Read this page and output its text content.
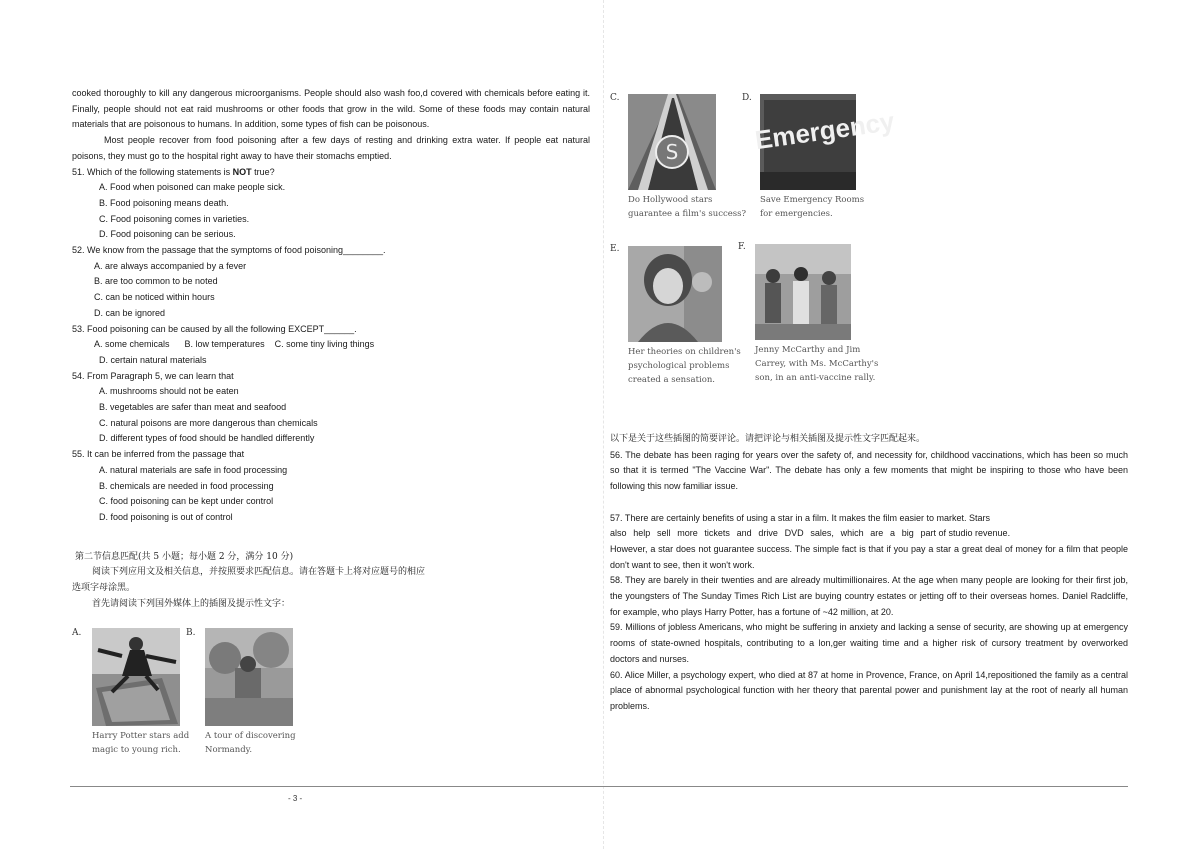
cooked thoroughly to kill any dangerous microorganisms. People should also wash foo,d covered with chemicals before eating it. Finally, people should not eat raid mushrooms or other foods that grow in the wild. Some of these foods may contain natural materials that are poisonous to humans. In addition, some types of fish can be poisonous.

Most people recover from food poisoning after a few days of resting and drinking extra water. If people eat natural poisons, they must go to the hospital right away to have their stomachs emptied.

51. Which of the following statements is NOT true?

A. Food when poisoned can make people sick.

B. Food poisoning means death.

C. Food poisoning comes in varieties.

D. Food poisoning can be serious.

52. We know from the passage that the symptoms of food poisoning________.

A. are always accompanied by a fever

B. are too common to be noted

C. can be noticed within hours

D. can be ignored

53. Food poisoning can be caused by all the following EXCEPT______.

A. some chemicals B. low temperatures C. some tiny living things

D. certain natural materials

54. From Paragraph 5, we can learn that

A. mushrooms should not be eaten

B. vegetables are safer than meat and seafood

C. natural poisons are more dangerous than chemicals

D. different types of food should be handled differently

55. It can be inferred from the passage that

A. natural materials are safe in food processing

B. chemicals are needed in food processing

C. food poisoning can be kept under control

D. food poisoning is out of control

第二节信息匹配(共 5 小题；每小题 2 分，满分 10 分)

阅读下列应用文及相关信息，并按照要求匹配信息。请在答题卡上将对应题号的相应

选项字母涂黑。

首先请阅读下列国外媒体上的插图及提示性文字：

A.
Harry Potter stars add
magic to young rich.
B.
A tour of discovering
Normandy.
C.
S
Do Hollywood stars
guarantee a film's success?
D.
Emergency
Save Emergency Rooms
for emergencies.
E.
Her theories on children's
psychological problems
created a sensation.
F.
Jenny McCarthy and Jim
Carrey, with Ms. McCarthy's
son, in an anti-vaccine rally.

以下是关于这些插图的简要评论。请把评论与相关插图及提示性文字匹配起来。

56. The debate has been raging for years over the safety of, and necessity for, childhood vaccinations, which has been so much so that it is termed "The Vaccine War". The debate has only a few moments that might be inspiring to those who have been following this now familiar issue.

57. There are certainly benefits of using a star in a film. It makes the film easier to market. Stars

also help sell more tickets and drive DVD sales, which are a big part of studio revenue.

However, a star does not guarantee success. The simple fact is that if you pay a star a great deal of money for a film that people don't want to see, then it won't work.

58. They are barely in their twenties and are already multimillionaires. At the age when many people are looking for their first job, the youngsters of The Sunday Times Rich List are buying country estates or jetting off to their overseas homes. Daniel Radcliffe, for example, who plays Harry Potter, has a fortune of ~42 million, at 20.

59. Millions of jobless Americans, who might be suffering in anxiety and lacking a sense of security, are showing up at emergency rooms of state-owned hospitals, contributing to a lon,ger waiting time and a higher risk of cursory treatment by overworked doctors and nurses.

60. Alice Miller, a psychology expert, who died at 87 at home in Provence, France, on April 14,repositioned the family as a central place of abnormal psychological function with her theory that parental power and punishment lay at the root of nearly all human problems.

- 3 -
